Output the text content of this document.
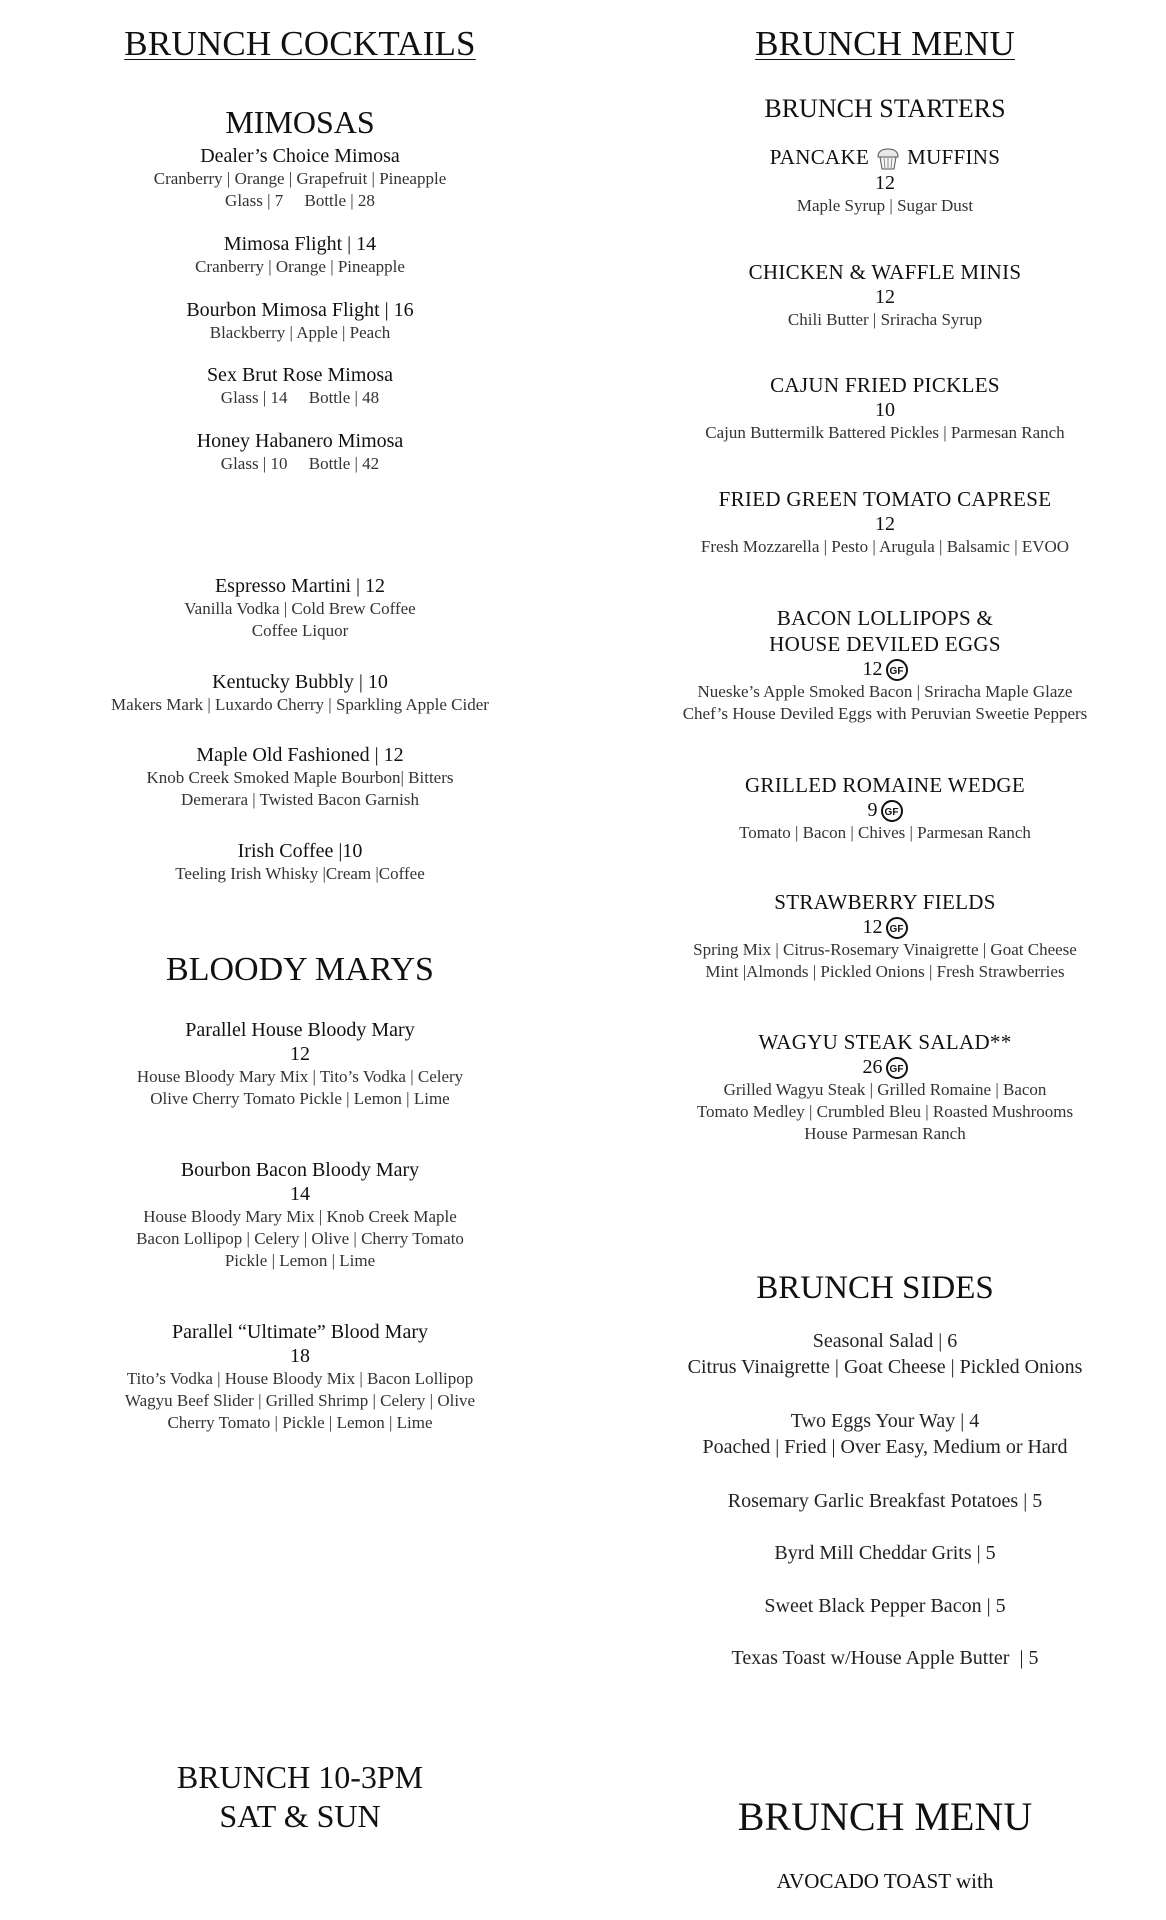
BRUNCH COCKTAILS
MIMOSAS
Dealer’s Choice Mimosa
Cranberry | Orange | Grapefruit | Pineapple
Glass | 7     Bottle | 28
Mimosa Flight | 14
Cranberry | Orange | Pineapple
Bourbon Mimosa Flight | 16
Blackberry | Apple | Peach
Sex Brut Rose Mimosa
Glass | 14     Bottle | 48
Honey Habanero Mimosa
Glass | 10     Bottle | 42
Espresso Martini | 12
Vanilla Vodka | Cold Brew Coffee
Coffee Liquor
Kentucky Bubbly | 10
Makers Mark | Luxardo Cherry | Sparkling Apple Cider
Maple Old Fashioned | 12
Knob Creek Smoked Maple Bourbon| Bitters
Demerara | Twisted Bacon Garnish
Irish Coffee |10
Teeling Irish Whisky |Cream |Coffee
BLOODY MARYS
Parallel House Bloody Mary
12
House Bloody Mary Mix | Tito’s Vodka | Celery
Olive Cherry Tomato Pickle | Lemon | Lime
Bourbon Bacon Bloody Mary
14
House Bloody Mary Mix | Knob Creek Maple
Bacon Lollipop | Celery | Olive | Cherry Tomato
Pickle | Lemon | Lime
Parallel “Ultimate” Blood Mary
18
Tito’s Vodka | House Bloody Mix | Bacon Lollipop
Wagyu Beef Slider | Grilled Shrimp | Celery | Olive
Cherry Tomato | Pickle | Lemon | Lime
BRUNCH 10-3PM
SAT & SUN
BRUNCH MENU
BRUNCH STARTERS
PANCAKE MUFFINS
12
Maple Syrup | Sugar Dust
CHICKEN & WAFFLE MINIS
12
Chili Butter | Sriracha Syrup
CAJUN FRIED PICKLES
10
Cajun Buttermilk Battered Pickles | Parmesan Ranch
FRIED GREEN TOMATO CAPRESE
12
Fresh Mozzarella | Pesto | Arugula | Balsamic | EVOO
BACON LOLLIPOPS &
HOUSE DEVILED EGGS
12 GF
Nueske’s Apple Smoked Bacon | Sriracha Maple Glaze
Chef’s House Deviled Eggs with Peruvian Sweetie Peppers
GRILLED ROMAINE WEDGE
9 GF
Tomato | Bacon | Chives | Parmesan Ranch
STRAWBERRY FIELDS
12 GF
Spring Mix | Citrus-Rosemary Vinaigrette | Goat Cheese
Mint |Almonds | Pickled Onions | Fresh Strawberries
WAGYU STEAK SALAD**
26 GF
Grilled Wagyu Steak | Grilled Romaine | Bacon
Tomato Medley | Crumbled Bleu | Roasted Mushrooms
House Parmesan Ranch
BRUNCH SIDES
Seasonal Salad | 6
Citrus Vinaigrette | Goat Cheese | Pickled Onions
Two Eggs Your Way | 4
Poached | Fried | Over Easy, Medium or Hard
Rosemary Garlic Breakfast Potatoes | 5
Byrd Mill Cheddar Grits | 5
Sweet Black Pepper Bacon | 5
Texas Toast w/House Apple Butter  | 5
BRUNCH MENU
AVOCADO TOAST with
